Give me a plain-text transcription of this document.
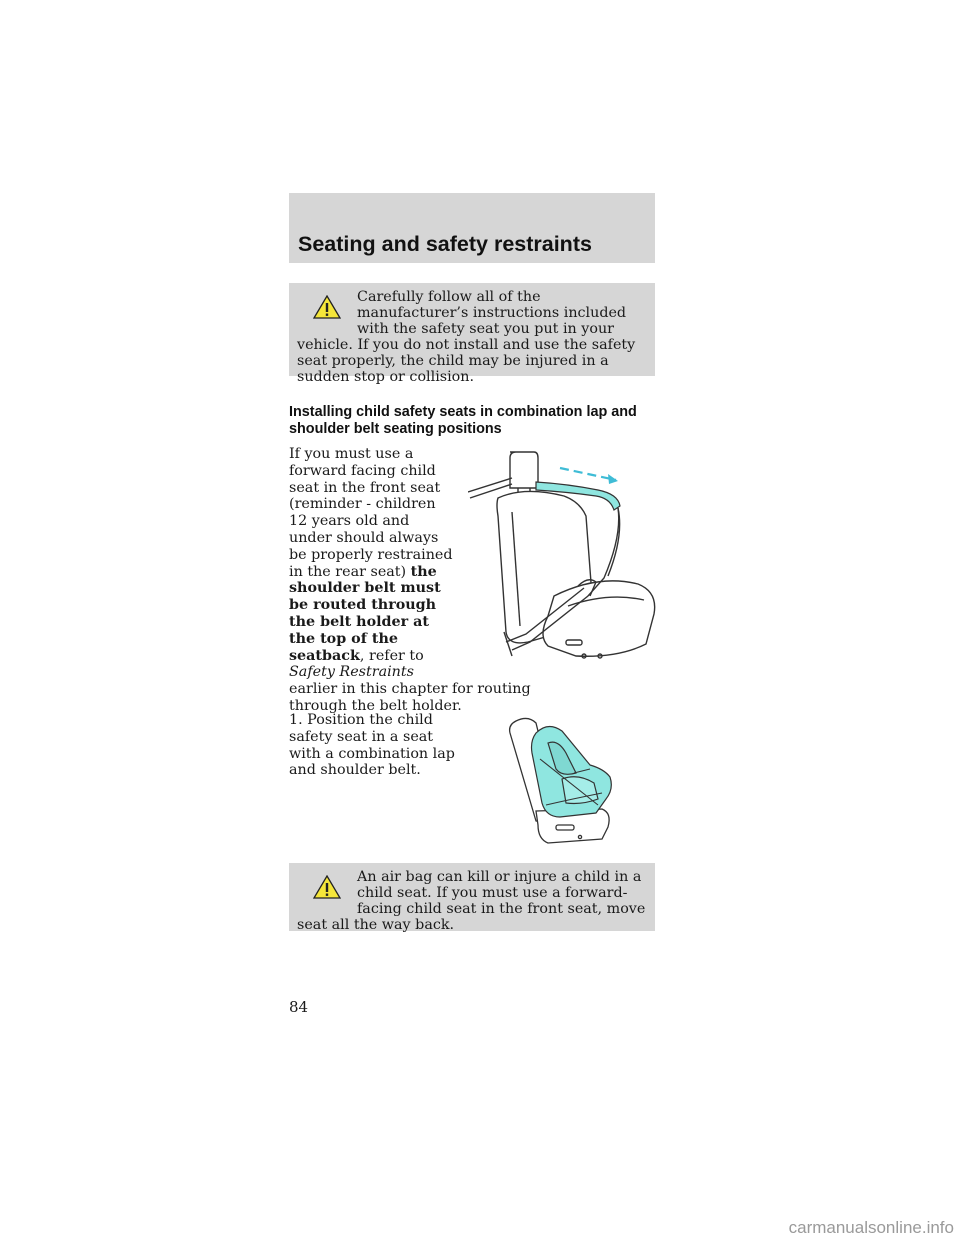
Seating and safety restraints
Carefully follow all of the manufacturer’s instructions included with the safety seat you put in your vehicle. If you do not install and use the safety seat properly, the child may be injured in a sudden stop or collision.
Installing child safety seats in combination lap and shoulder belt seating positions
If you must use a forward facing child seat in the front seat (reminder - children 12 years old and under should always be properly restrained in the rear seat) the shoulder belt must be routed through the belt holder at the top of the seatback, refer to Safety Restraints
earlier in this chapter for routing through the belt holder.
1. Position the child safety seat in a seat with a combination lap and shoulder belt.
An air bag can kill or injure a child in a child seat. If you must use a forward-facing child seat in the front seat, move seat all the way back.
84
carmanualsonline.info
